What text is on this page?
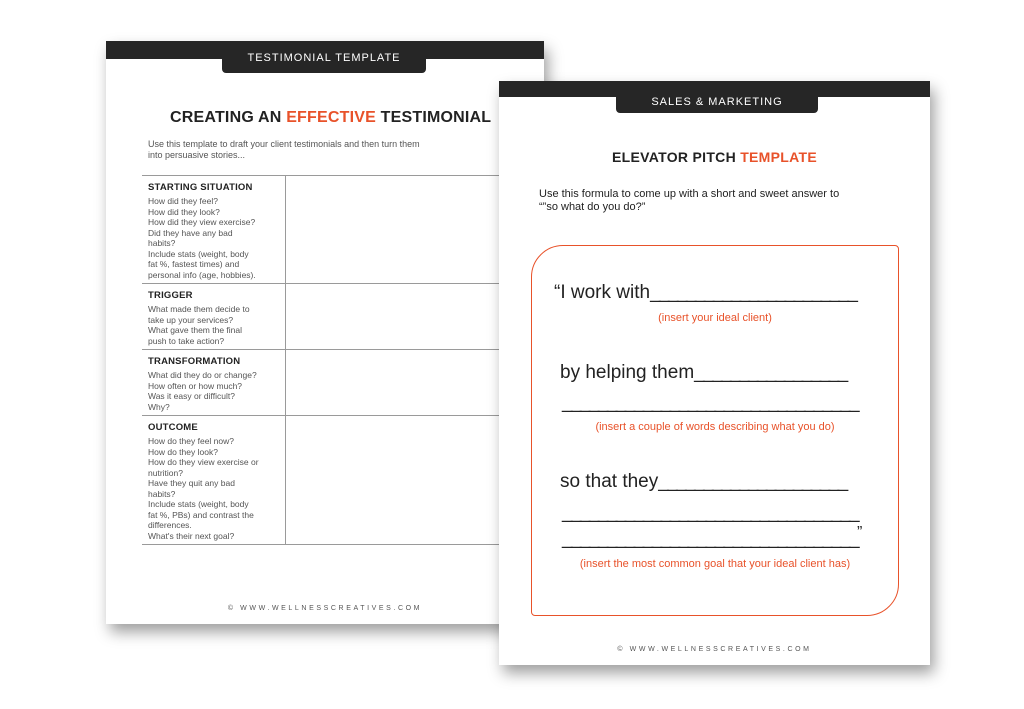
TESTIMONIAL TEMPLATE
CREATING AN EFFECTIVE TESTIMONIAL
Use this template to draft your client testimonials and then turn them
into persuasive stories...
STARTING SITUATION
How did they feel?
How did they look?
How did they view exercise?
Did they have any bad
habits?
Include stats (weight, body
fat %, fastest times) and
personal info (age, hobbies).
TRIGGER
What made them decide to
take up your services?
What gave them the final
push to take action?
TRANSFORMATION
What did they do or change?
How often or how much?
Was it easy or difficult?
Why?
OUTCOME
How do they feel now?
How do they look?
How do they view exercise or
nutrition?
Have they quit any bad
habits?
Include stats (weight, body
fat %, PBs) and contrast the
differences.
What's their next goal?
© WWW.WELLNESSCREATIVES.COM
SALES & MARKETING
ELEVATOR PITCH TEMPLATE
Use this formula to come up with a short and sweet answer to
“”so what do you do?”
“I work with_______________________
(insert your ideal client)
by helping them_________________
_________________________________
(insert a couple of words describing what you do)
so that they_____________________
_________________________________
_________________________________ ”
(insert the most common goal that your ideal client has)
© WWW.WELLNESSCREATIVES.COM
